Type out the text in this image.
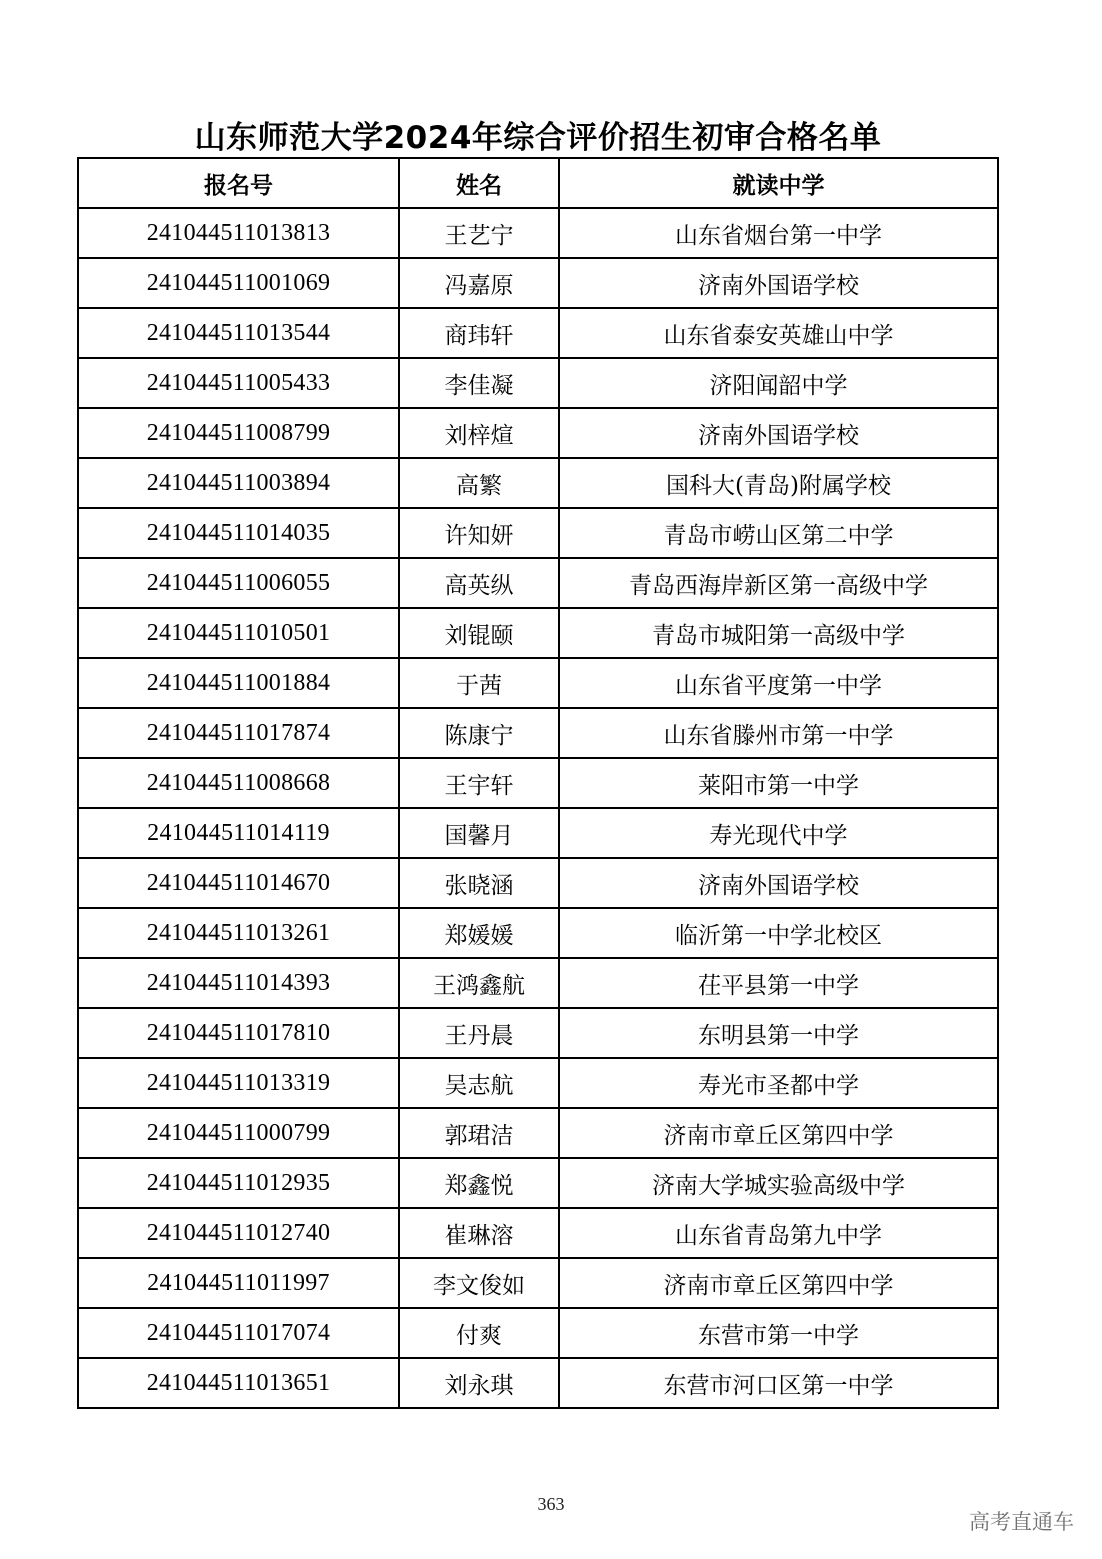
山东师范大学2024年综合评价招生初审合格名单
报名号	姓名	就读中学
241044511013813	王艺宁	山东省烟台第一中学
241044511001069	冯嘉原	济南外国语学校
241044511013544	商玮轩	山东省泰安英雄山中学
241044511005433	李佳凝	济阳闻韶中学
241044511008799	刘梓煊	济南外国语学校
241044511003894	高繁	国科大(青岛)附属学校
241044511014035	许知妍	青岛市崂山区第二中学
241044511006055	高英纵	青岛西海岸新区第一高级中学
241044511010501	刘锟颐	青岛市城阳第一高级中学
241044511001884	于茜	山东省平度第一中学
241044511017874	陈康宁	山东省滕州市第一中学
241044511008668	王宇轩	莱阳市第一中学
241044511014119	国馨月	寿光现代中学
241044511014670	张晓涵	济南外国语学校
241044511013261	郑媛媛	临沂第一中学北校区
241044511014393	王鸿鑫航	茌平县第一中学
241044511017810	王丹晨	东明县第一中学
241044511013319	吴志航	寿光市圣都中学
241044511000799	郭珺洁	济南市章丘区第四中学
241044511012935	郑鑫悦	济南大学城实验高级中学
241044511012740	崔琳溶	山东省青岛第九中学
241044511011997	李文俊如	济南市章丘区第四中学
241044511017074	付爽	东营市第一中学
241044511013651	刘永琪	东营市河口区第一中学
363
高考直通车
